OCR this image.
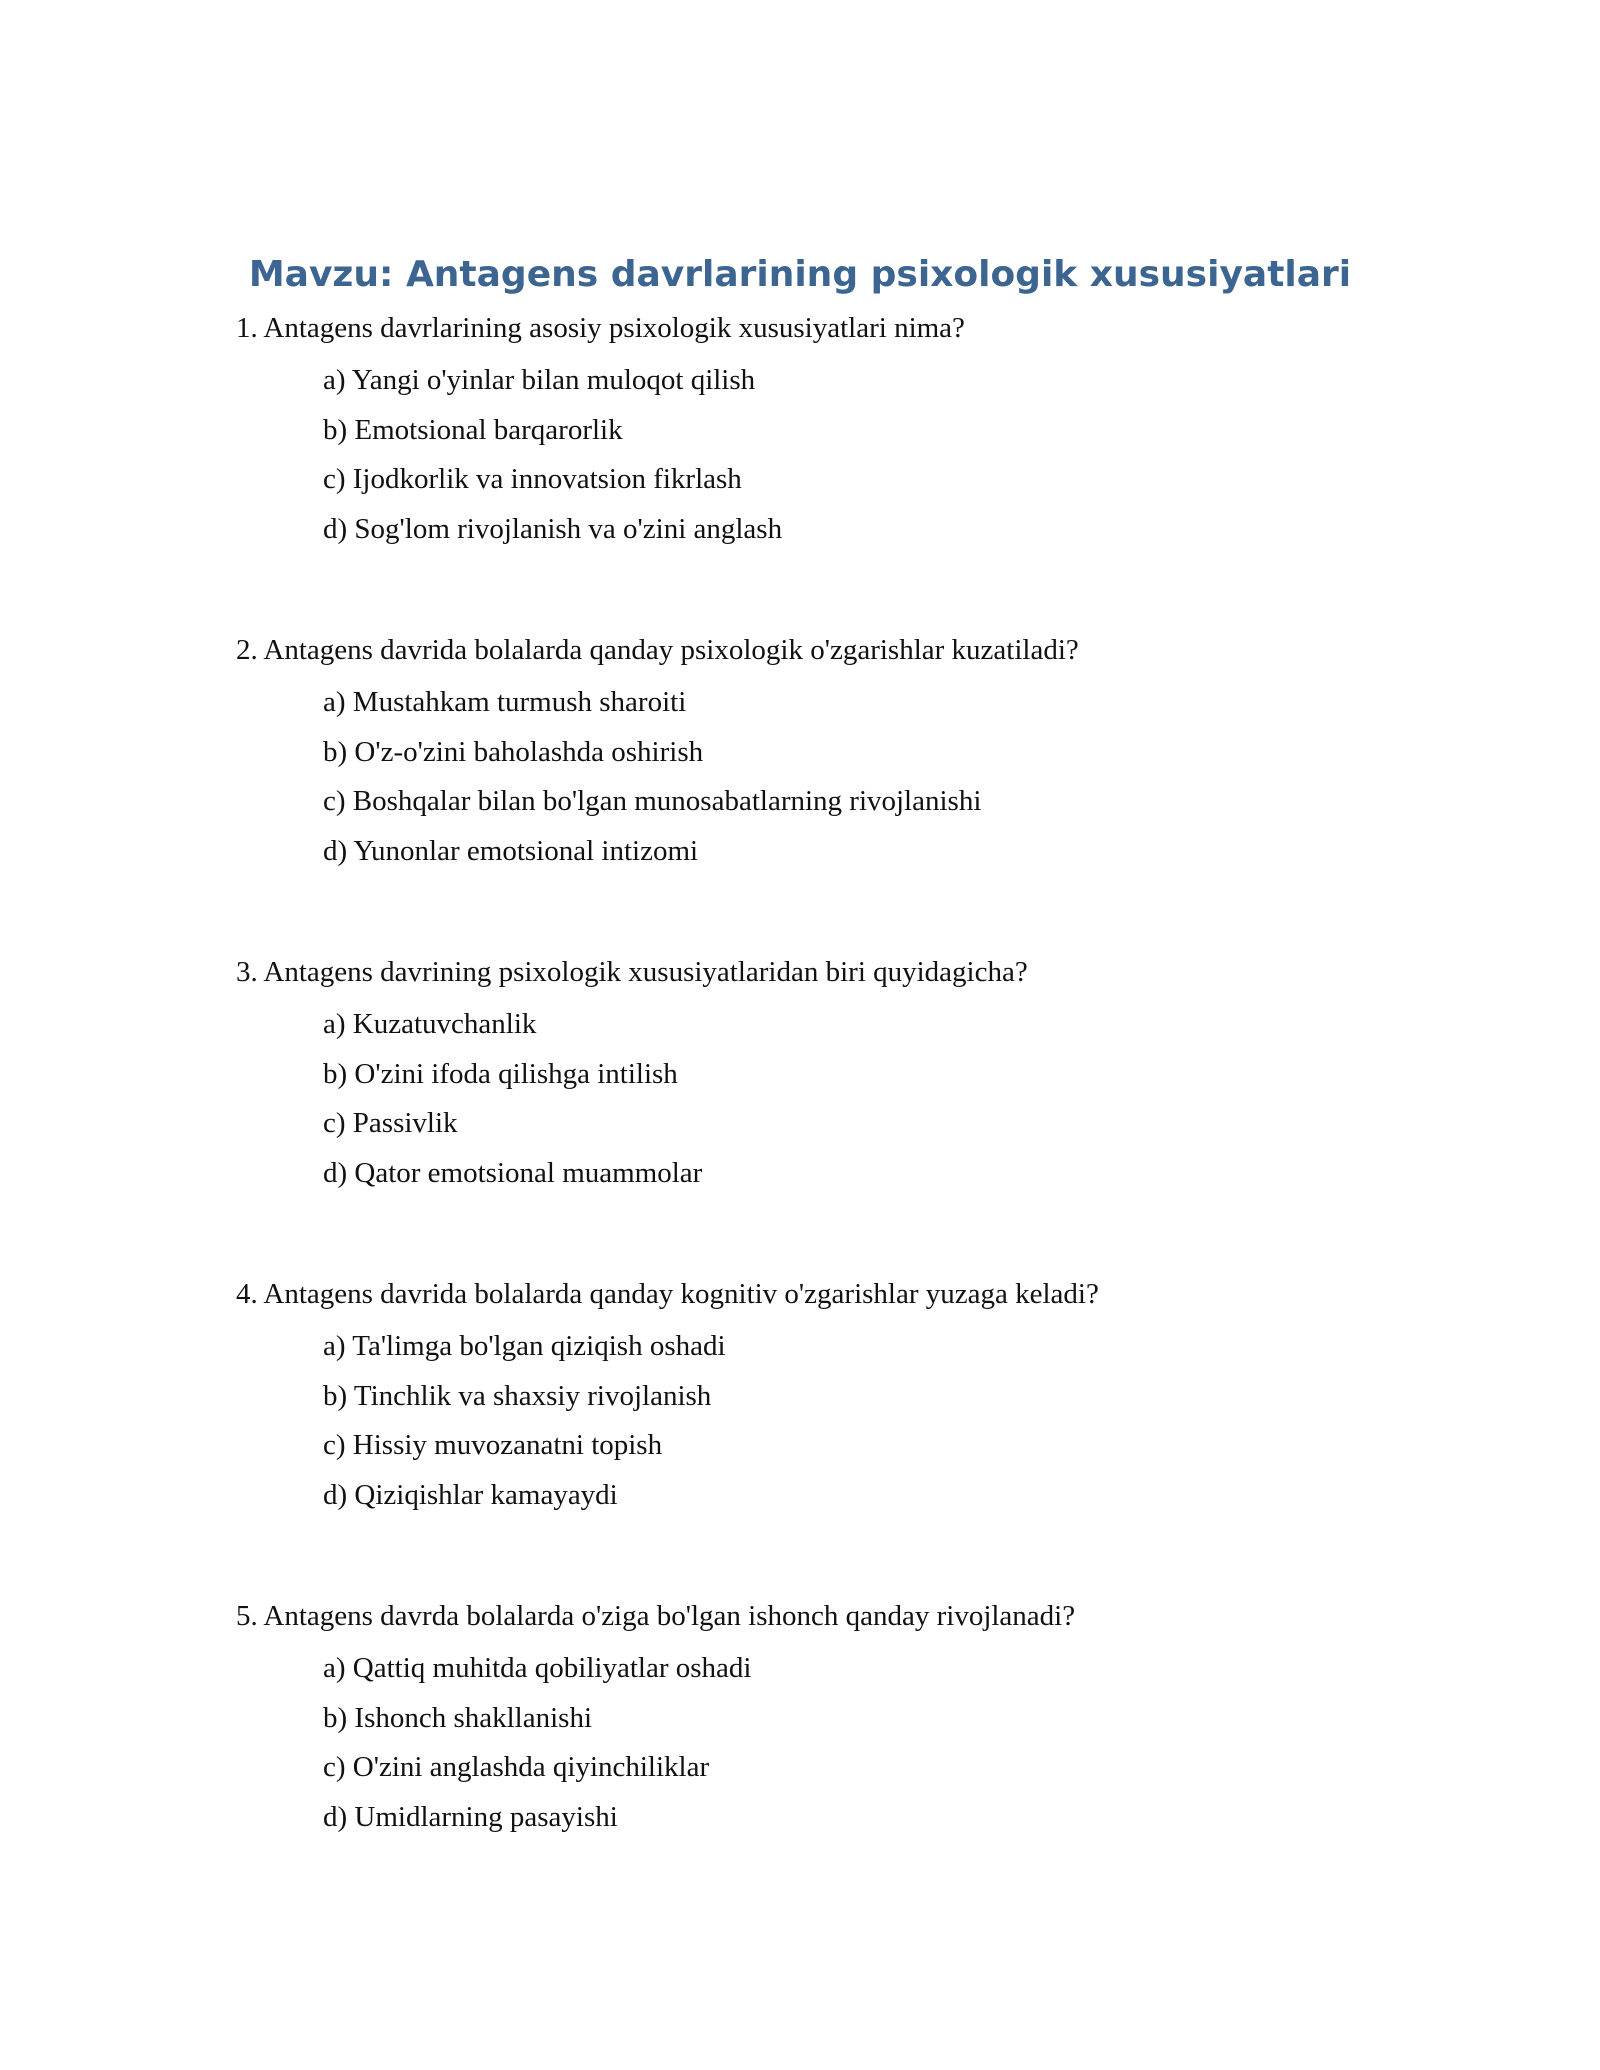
Mavzu: Antagens davrlarining psixologik xususiyatlari

1. Antagens davrlarining asosiy psixologik xususiyatlari nima?

a) Yangi o'yinlar bilan muloqot qilish
b) Emotsional barqarorlik
c) Ijodkorlik va innovatsion fikrlash
d) Sog'lom rivojlanish va o'zini anglash

2. Antagens davrida bolalarda qanday psixologik o'zgarishlar kuzatiladi?

a) Mustahkam turmush sharoiti
b) O'z-o'zini baholashda oshirish
c) Boshqalar bilan bo'lgan munosabatlarning rivojlanishi
d) Yunonlar emotsional intizomi

3. Antagens davrining psixologik xususiyatlaridan biri quyidagicha?

a) Kuzatuvchanlik
b) O'zini ifoda qilishga intilish
c) Passivlik
d) Qator emotsional muammolar

4. Antagens davrida bolalarda qanday kognitiv o'zgarishlar yuzaga keladi?

a) Ta'limga bo'lgan qiziqish oshadi
b) Tinchlik va shaxsiy rivojlanish
c) Hissiy muvozanatni topish
d) Qiziqishlar kamayaydi

5. Antagens davrda bolalarda o'ziga bo'lgan ishonch qanday rivojlanadi?

a) Qattiq muhitda qobiliyatlar oshadi
b) Ishonch shakllanishi
c) O'zini anglashda qiyinchiliklar
d) Umidlarning pasayishi
